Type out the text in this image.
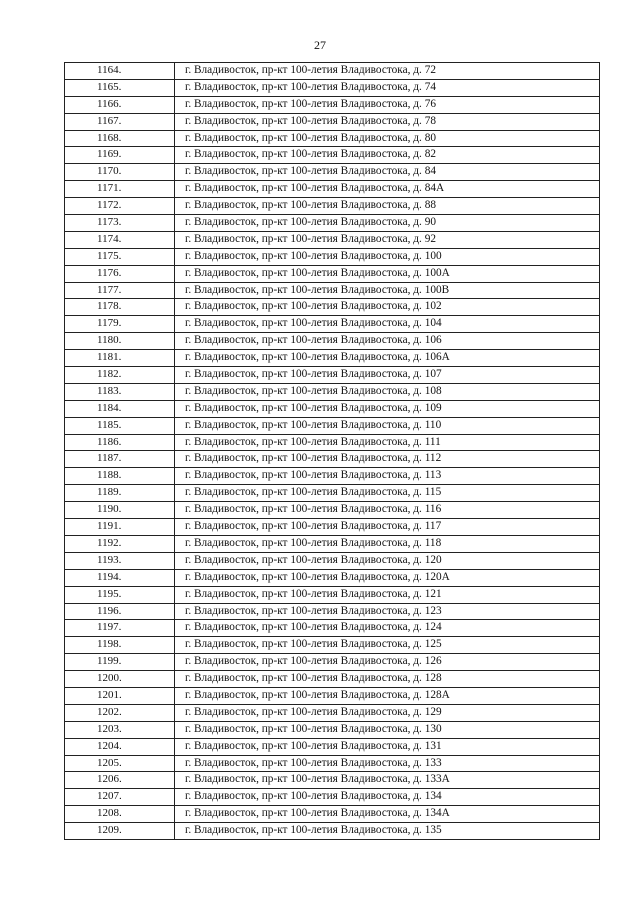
27
1164.	г. Владивосток, пр-кт 100-летия Владивостока, д. 72
1165.	г. Владивосток, пр-кт 100-летия Владивостока, д. 74
1166.	г. Владивосток, пр-кт 100-летия Владивостока, д. 76
1167.	г. Владивосток, пр-кт 100-летия Владивостока, д. 78
1168.	г. Владивосток, пр-кт 100-летия Владивостока, д. 80
1169.	г. Владивосток, пр-кт 100-летия Владивостока, д. 82
1170.	г. Владивосток, пр-кт 100-летия Владивостока, д. 84
1171.	г. Владивосток, пр-кт 100-летия Владивостока, д. 84А
1172.	г. Владивосток, пр-кт 100-летия Владивостока, д. 88
1173.	г. Владивосток, пр-кт 100-летия Владивостока, д. 90
1174.	г. Владивосток, пр-кт 100-летия Владивостока, д. 92
1175.	г. Владивосток, пр-кт 100-летия Владивостока, д. 100
1176.	г. Владивосток, пр-кт 100-летия Владивостока, д. 100А
1177.	г. Владивосток, пр-кт 100-летия Владивостока, д. 100В
1178.	г. Владивосток, пр-кт 100-летия Владивостока, д. 102
1179.	г. Владивосток, пр-кт 100-летия Владивостока, д. 104
1180.	г. Владивосток, пр-кт 100-летия Владивостока, д. 106
1181.	г. Владивосток, пр-кт 100-летия Владивостока, д. 106А
1182.	г. Владивосток, пр-кт 100-летия Владивостока, д. 107
1183.	г. Владивосток, пр-кт 100-летия Владивостока, д. 108
1184.	г. Владивосток, пр-кт 100-летия Владивостока, д. 109
1185.	г. Владивосток, пр-кт 100-летия Владивостока, д. 110
1186.	г. Владивосток, пр-кт 100-летия Владивостока, д. 111
1187.	г. Владивосток, пр-кт 100-летия Владивостока, д. 112
1188.	г. Владивосток, пр-кт 100-летия Владивостока, д. 113
1189.	г. Владивосток, пр-кт 100-летия Владивостока, д. 115
1190.	г. Владивосток, пр-кт 100-летия Владивостока, д. 116
1191.	г. Владивосток, пр-кт 100-летия Владивостока, д. 117
1192.	г. Владивосток, пр-кт 100-летия Владивостока, д. 118
1193.	г. Владивосток, пр-кт 100-летия Владивостока, д. 120
1194.	г. Владивосток, пр-кт 100-летия Владивостока, д. 120А
1195.	г. Владивосток, пр-кт 100-летия Владивостока, д. 121
1196.	г. Владивосток, пр-кт 100-летия Владивостока, д. 123
1197.	г. Владивосток, пр-кт 100-летия Владивостока, д. 124
1198.	г. Владивосток, пр-кт 100-летия Владивостока, д. 125
1199.	г. Владивосток, пр-кт 100-летия Владивостока, д. 126
1200.	г. Владивосток, пр-кт 100-летия Владивостока, д. 128
1201.	г. Владивосток, пр-кт 100-летия Владивостока, д. 128А
1202.	г. Владивосток, пр-кт 100-летия Владивостока, д. 129
1203.	г. Владивосток, пр-кт 100-летия Владивостока, д. 130
1204.	г. Владивосток, пр-кт 100-летия Владивостока, д. 131
1205.	г. Владивосток, пр-кт 100-летия Владивостока, д. 133
1206.	г. Владивосток, пр-кт 100-летия Владивостока, д. 133А
1207.	г. Владивосток, пр-кт 100-летия Владивостока, д. 134
1208.	г. Владивосток, пр-кт 100-летия Владивостока, д. 134А
1209.	г. Владивосток, пр-кт 100-летия Владивостока, д. 135
